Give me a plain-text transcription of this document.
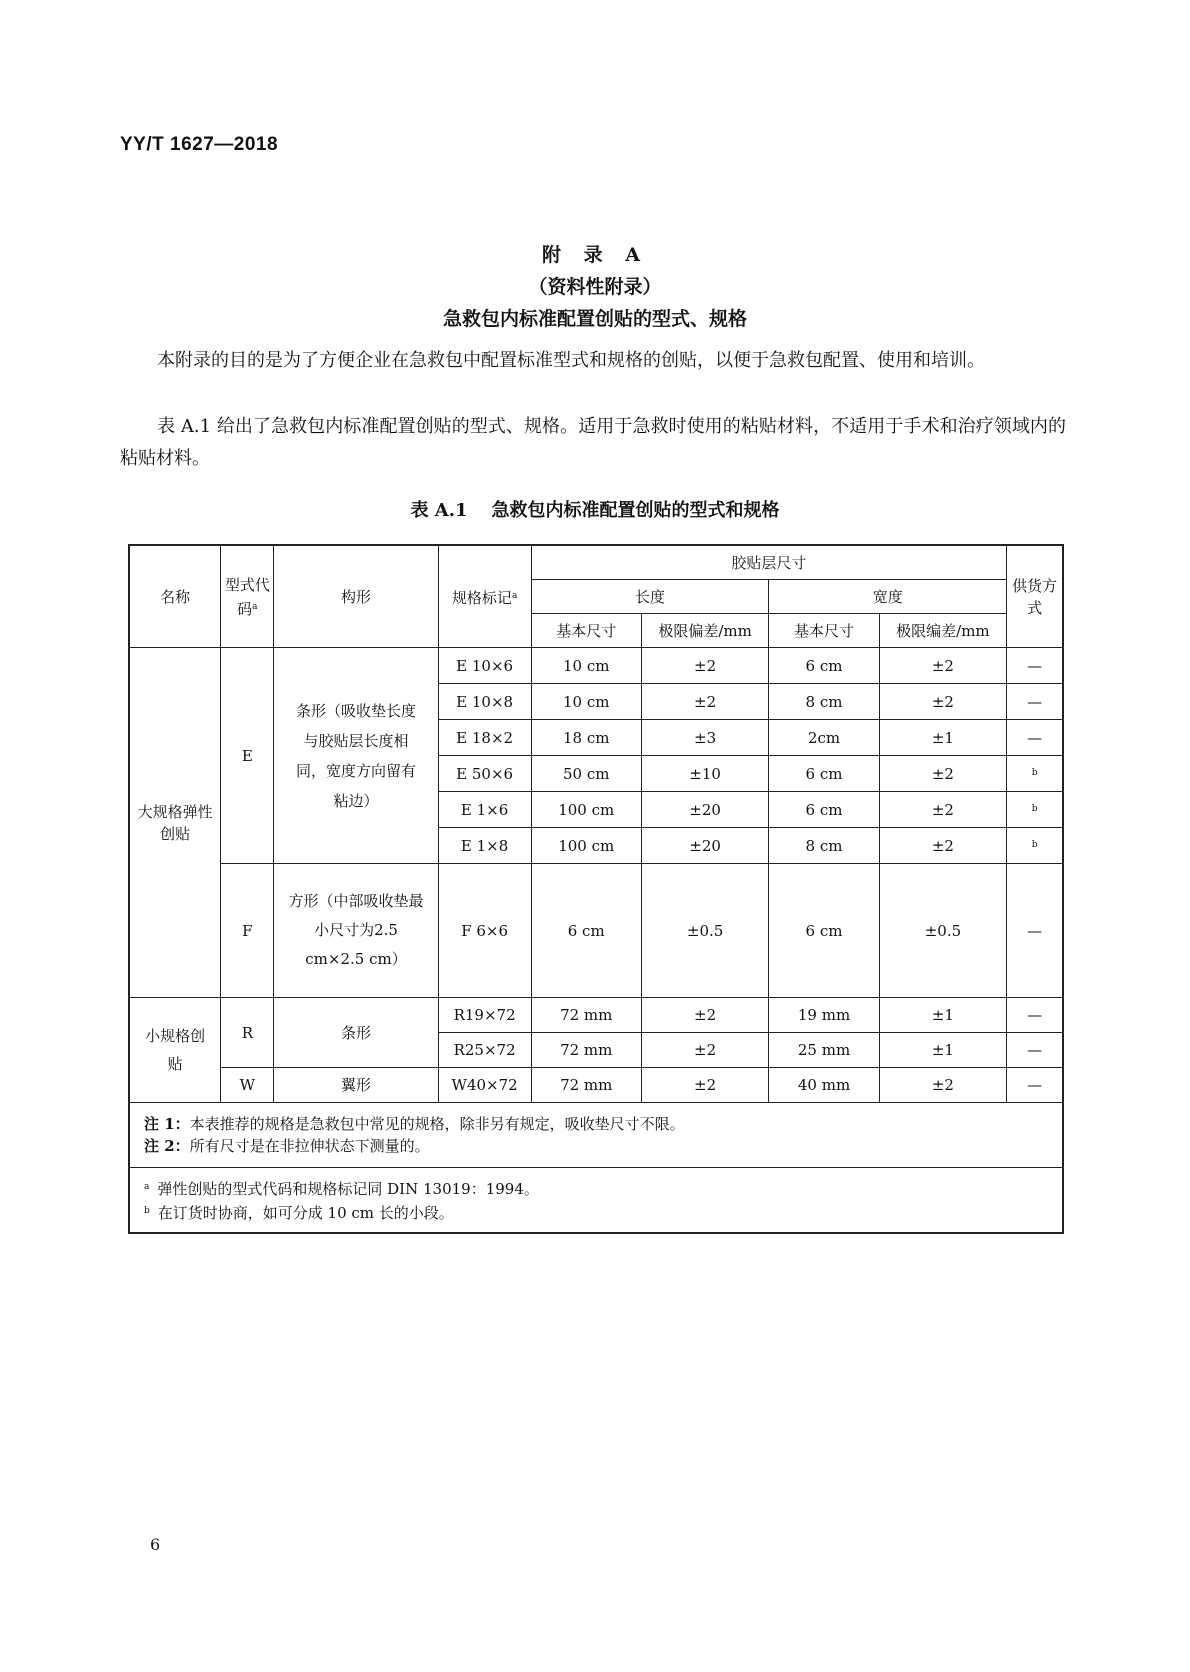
YY/T 1627—2018

附 录 A

（资料性附录）

急救包内标准配置创贴的型式、规格

本附录的目的是为了方便企业在急救包中配置标准型式和规格的创贴，以便于急救包配置、使用和培训。

表 A.1 给出了急救包内标准配置创贴的型式、规格。适用于急救时使用的粘贴材料，不适用于手术和治疗领域内的粘贴材料。

表 A.1 急救包内标准配置创贴的型式和规格

名称	型式代码$^a$	构形	规格标记$^a$	胶贴层尺寸				供货方式
				长度		宽度		
				基本尺寸	极限偏差/mm	基本尺寸	极限编差/mm	
大规格弹性创贴	E	条形（吸收垫长度与胶贴层长度相同，宽度方向留有粘边）	E 10×6	10 cm	±2	6 cm	±2	—
			E 10×8	10 cm	±2	8 cm	±2	—
			E 18×2	18 cm	±3	2cm	±1	—
			E 50×6	50 cm	±10	6 cm	±2	$^b$
			E 1×6	100 cm	±20	6 cm	±2	$^b$
			E 1×8	100 cm	±20	8 cm	±2	$^b$
	F	方形（中部吸收垫最小尺寸为2.5 cm×2.5 cm）	F 6×6	6 cm	±0.5	6 cm	±0.5	—
小规格创贴	R	条形	R19×72	72 mm	±2	19 mm	±1	—
			R25×72	72 mm	±2	25 mm	±1	—
	W	翼形	W40×72	72 mm	±2	40 mm	±2	—

注 1：本表推荐的规格是急救包中常见的规格，除非另有规定，吸收垫尺寸不限。
注 2：所有尺寸是在非拉伸状态下测量的。								

$^a$ 弹性创贴的型式代码和规格标记同 DIN 13019：1994。
$^b$ 在订货时协商，如可分成 10 cm 长的小段。								

6
